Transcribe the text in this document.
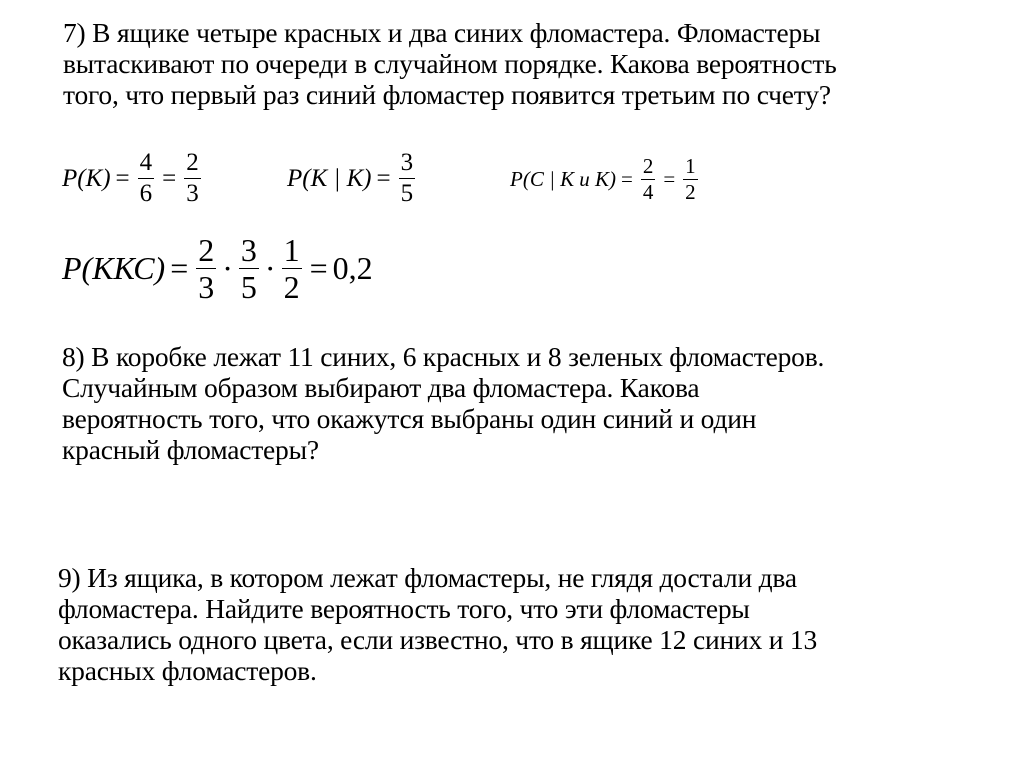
7) В ящике четыре красных и два синих фломастера. Фломастеры
вытаскивают по очереди в случайном порядке. Какова вероятность
того, что первый раз синий фломастер появится третьим по счету?
$P(К) = \frac{4}{6} = \frac{2}{3}$	P(К | $К) = \frac{3}{5}$	P(C | К и $К) = \frac{2}{4} = \frac{1}{2}$
$P(ККС) = \frac{2}{3} \cdot \frac{3}{5} \cdot \frac{1}{2} = 0,2$
8) В коробке лежат 11 синих, 6 красных и 8 зеленых фломастеров.
Случайным образом выбирают два фломастера. Какова
вероятность того, что окажутся выбраны один синий и один
красный фломастеры?
9) Из ящика, в котором лежат фломастеры, не глядя достали два
фломастера. Найдите вероятность того, что эти фломастеры
оказались одного цвета, если известно, что в ящике 12 синих и 13
красных фломастеров.
